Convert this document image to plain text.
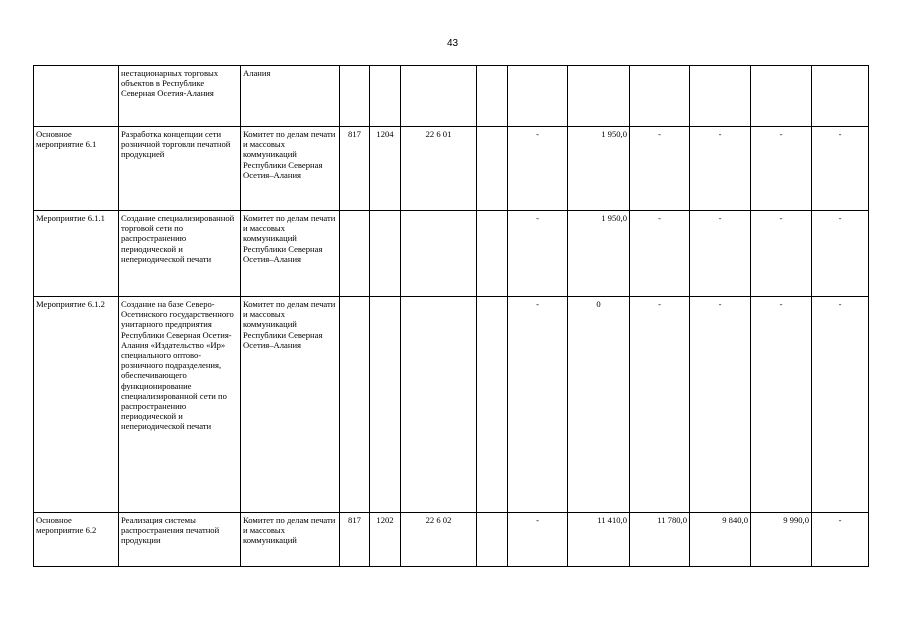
43
	нестационарных торговых объектов в Республике Северная Осетия-Алания	Алания										
Основное мероприятие 6.1	Разработка концепции сети розничной торговли печатной продукцией	Комитет по делам печати и массовых коммуникаций Республики Северная Осетия–Алания	817	1204	22 6 01		-	1 950,0	-	-	-	-
Мероприятие 6.1.1	Создание специализированной торговой сети по распространению периодической и непериодической печати	Комитет по делам печати и массовых коммуникаций Республики Северная Осетия–Алания					-	1 950,0	-	-	-	-
Мероприятие 6.1.2	Создание на базе Северо-Осетинского государственного унитарного предприятия Республики Северная Осетия-Алания «Издательство «Ир» специального оптово-розничного подразделения, обеспечивающего функционирование специализированной сети по распространению периодической и непериодической печати	Комитет по делам печати и массовых коммуникаций Республики Северная Осетия–Алания					-	0	-	-	-	-
Основное мероприятие 6.2	Реализация системы распространения печатной продукции	Комитет по делам печати и массовых коммуникаций	817	1202	22 6 02		-	11 410,0	11 780,0	9 840,0	9 990,0	-
